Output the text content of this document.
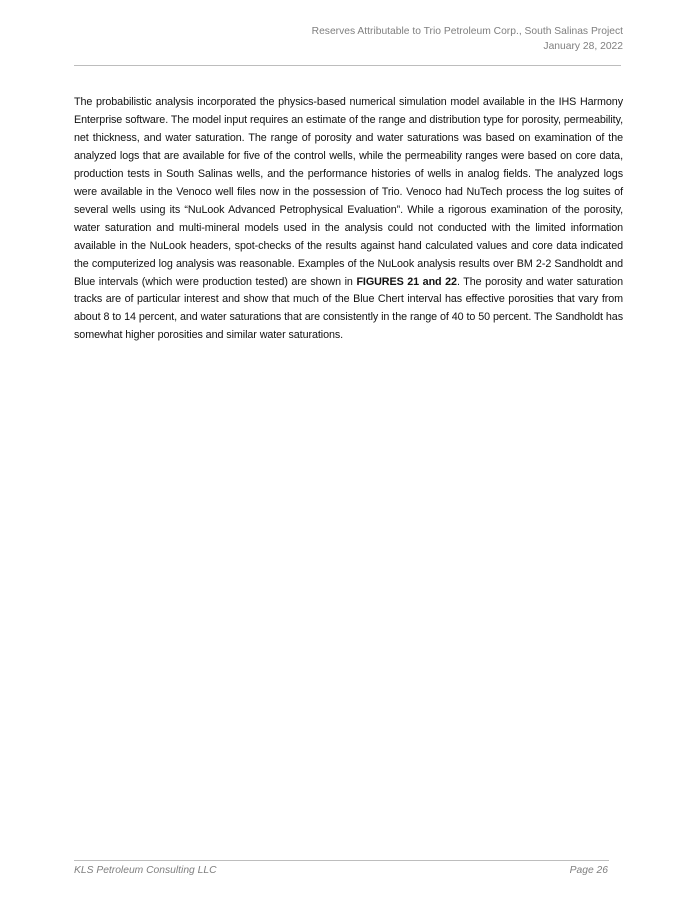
Reserves Attributable to Trio Petroleum Corp., South Salinas Project
January 28, 2022
The probabilistic analysis incorporated the physics-based numerical simulation model available in the IHS Harmony Enterprise software. The model input requires an estimate of the range and distribution type for porosity, permeability, net thickness, and water saturation. The range of porosity and water saturations was based on examination of the analyzed logs that are available for five of the control wells, while the permeability ranges were based on core data, production tests in South Salinas wells, and the performance histories of wells in analog fields. The analyzed logs were available in the Venoco well files now in the possession of Trio. Venoco had NuTech process the log suites of several wells using its “NuLook Advanced Petrophysical Evaluation”. While a rigorous examination of the porosity, water saturation and multi-mineral models used in the analysis could not conducted with the limited information available in the NuLook headers, spot-checks of the results against hand calculated values and core data indicated the computerized log analysis was reasonable. Examples of the NuLook analysis results over BM 2-2 Sandholdt and Blue intervals (which were production tested) are shown in FIGURES 21 and 22. The porosity and water saturation tracks are of particular interest and show that much of the Blue Chert interval has effective porosities that vary from about 8 to 14 percent, and water saturations that are consistently in the range of 40 to 50 percent. The Sandholdt has somewhat higher porosities and similar water saturations.
KLS Petroleum Consulting LLC	Page 26
